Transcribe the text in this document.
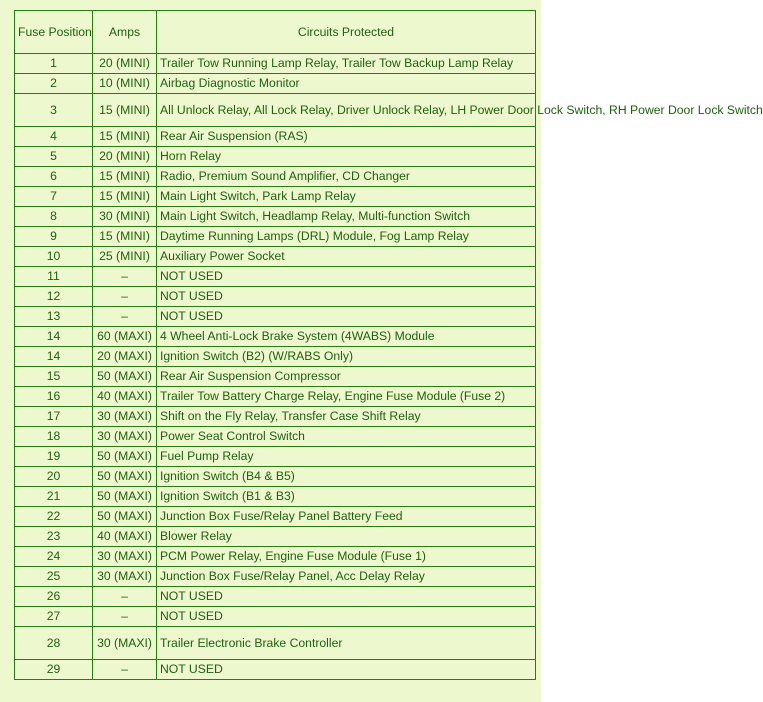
Fuse Position	Amps	Circuits Protected
1	20 (MINI)	Trailer Tow Running Lamp Relay, Trailer Tow Backup Lamp Relay
2	10 (MINI)	Airbag Diagnostic Monitor
3	15 (MINI)	All Unlock Relay, All Lock Relay, Driver Unlock Relay, LH Power Door Lock Switch, RH Power Door Lock Switch
4	15 (MINI)	Rear Air Suspension (RAS)
5	20 (MINI)	Horn Relay
6	15 (MINI)	Radio, Premium Sound Amplifier, CD Changer
7	15 (MINI)	Main Light Switch, Park Lamp Relay
8	30 (MINI)	Main Light Switch, Headlamp Relay, Multi-function Switch
9	15 (MINI)	Daytime Running Lamps (DRL) Module, Fog Lamp Relay
10	25 (MINI)	Auxiliary Power Socket
11	–	NOT USED
12	–	NOT USED
13	–	NOT USED
14	60 (MAXI)	4 Wheel Anti-Lock Brake System (4WABS) Module
14	20 (MAXI)	Ignition Switch (B2) (W/RABS Only)
15	50 (MAXI)	Rear Air Suspension Compressor
16	40 (MAXI)	Trailer Tow Battery Charge Relay, Engine Fuse Module (Fuse 2)
17	30 (MAXI)	Shift on the Fly Relay, Transfer Case Shift Relay
18	30 (MAXI)	Power Seat Control Switch
19	50 (MAXI)	Fuel Pump Relay
20	50 (MAXI)	Ignition Switch (B4 & B5)
21	50 (MAXI)	Ignition Switch (B1 & B3)
22	50 (MAXI)	Junction Box Fuse/Relay Panel Battery Feed
23	40 (MAXI)	Blower Relay
24	30 (MAXI)	PCM Power Relay, Engine Fuse Module (Fuse 1)
25	30 (MAXI)	Junction Box Fuse/Relay Panel, Acc Delay Relay
26	–	NOT USED
27	–	NOT USED
28	30 (MAXI)	Trailer Electronic Brake Controller
29	–	NOT USED
